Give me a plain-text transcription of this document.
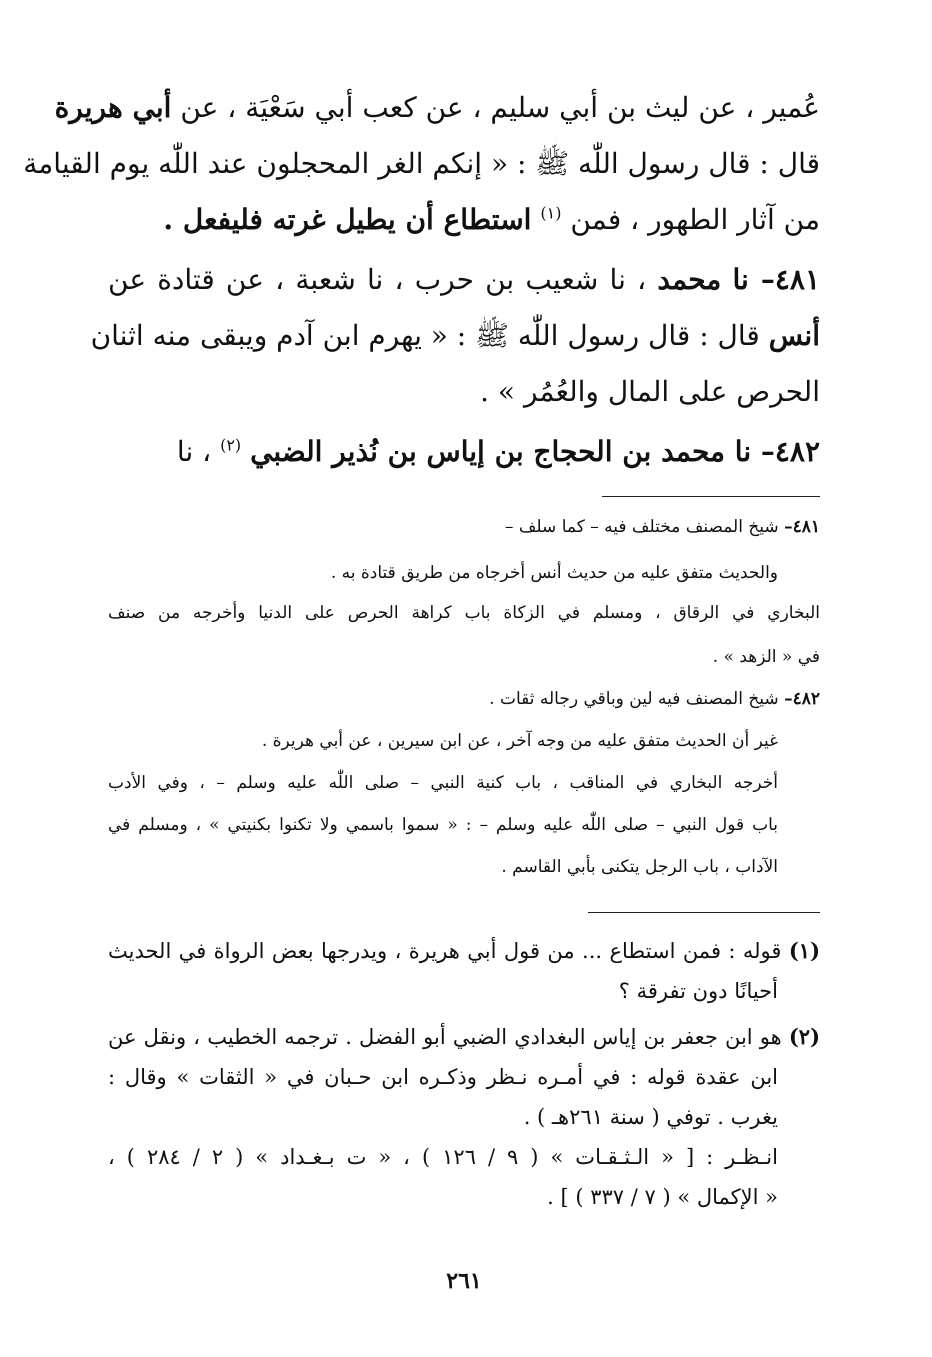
عُمير ، عن ليث بن أبي سليم ، عن كعب أبي سَعْيَة ، عن أبي هريرة
قال : قال رسول اللّٰه ﷺ : « إنكم الغر المحجلون عند اللّٰه يوم القيامة
من آثار الطهور ، فمن $^{(١)}$ استطاع أن يطيل غرته فليفعل .
٤٨١– نا محمد ، نا شعيب بن حرب ، نا شعبة ، عن قتادة عن
أنس قال : قال رسول اللّٰه ﷺ : « يهرم ابن آدم ويبقى منه اثنان
الحرص على المال والعُمُر » .
٤٨٢– نا محمد بن الحجاج بن إياس بن نُذير الضبي $^{(٢)}$ ، نا
٤٨١– شيخ المصنف مختلف فيه – كما سلف –
والحديث متفق عليه من حديث أنس أخرجاه من طريق قتادة به .
البخاري في الرقاق ، ومسلم في الزكاة باب كراهة الحرص على الدنيا وأخرجه من صنف
في « الزهد » .
٤٨٢– شيخ المصنف فيه لين وباقي رجاله ثقات .
غير أن الحديث متفق عليه من وجه آخر ، عن ابن سيرين ، عن أبي هريرة .
أخرجه البخاري في المناقب ، باب كنية النبي – صلى اللّٰه عليه وسلم – ، وفي الأدب
باب قول النبي – صلى اللّٰه عليه وسلم – : « سموا باسمي ولا تكنوا بكنيتي » ، ومسلم في
الآداب ، باب الرجل يتكنى بأبي القاسم .
(١) قوله : فمن استطاع ... من قول أبي هريرة ، ويدرجها بعض الرواة في الحديث
أحيانًا دون تفرقة ؟
(٢) هو ابن جعفر بن إياس البغدادي الضبي أبو الفضل . ترجمه الخطيب ، ونقل عن
ابن عقدة قوله : في أمـره نـظر وذكـره ابن حـبان في « الثقات » وقال :
يغرب . توفي ( سنة ٢٦١هـ ) .
انـظـر : [ « الـثـقـات » ( ٩ / ١٢٦ ) ، « ت بـغـداد » ( ٢ / ٢٨٤ ) ،
« الإكمال » ( ٧ / ٣٣٧ ) ] .
٢٦١
